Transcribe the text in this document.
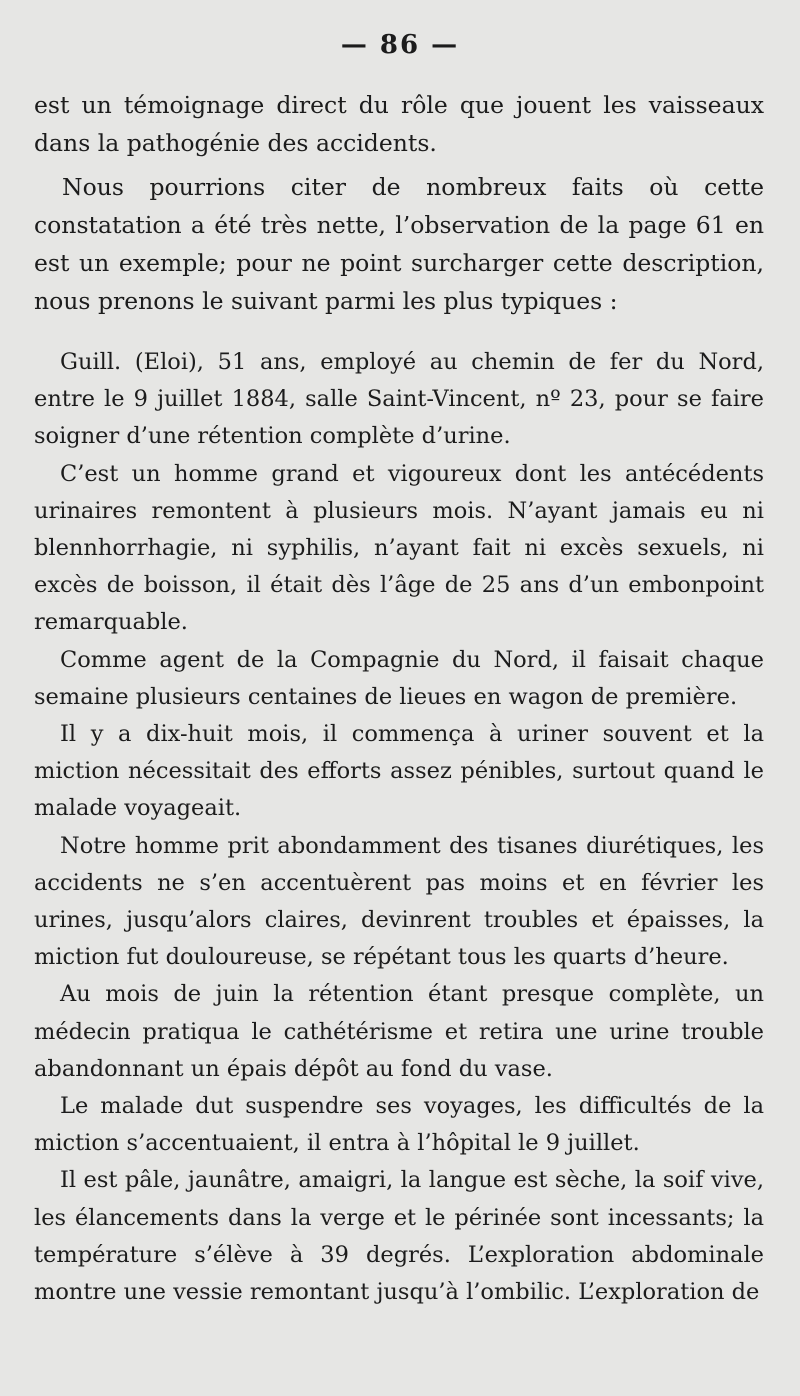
— 86 —

est un témoignage direct du rôle que jouent les vaisseaux dans la pathogénie des accidents.

Nous pourrions citer de nombreux faits où cette constatation a été très nette, l’observation de la page 61 en est un exemple; pour ne point surcharger cette description, nous prenons le suivant parmi les plus typiques :

Guill. (Eloi), 51 ans, employé au chemin de fer du Nord, entre le 9 juillet 1884, salle Saint-Vincent, nº 23, pour se faire soigner d’une rétention complète d’urine.

C’est un homme grand et vigoureux dont les antécédents urinaires remontent à plusieurs mois. N’ayant jamais eu ni blennhorrhagie, ni syphilis, n’ayant fait ni excès sexuels, ni excès de boisson, il était dès l’âge de 25 ans d’un embonpoint remarquable.

Comme agent de la Compagnie du Nord, il faisait chaque semaine plusieurs centaines de lieues en wagon de première.

Il y a dix-huit mois, il commença à uriner souvent et la miction nécessitait des efforts assez pénibles, surtout quand le malade voyageait.

Notre homme prit abondamment des tisanes diurétiques, les accidents ne s’en accentuèrent pas moins et en février les urines, jusqu’alors claires, devinrent troubles et épaisses, la miction fut douloureuse, se répétant tous les quarts d’heure.

Au mois de juin la rétention étant presque complète, un médecin pratiqua le cathétérisme et retira une urine trouble abandonnant un épais dépôt au fond du vase.

Le malade dut suspendre ses voyages, les difficultés de la miction s’accentuaient, il entra à l’hôpital le 9 juillet.

Il est pâle, jaunâtre, amaigri, la langue est sèche, la soif vive, les élancements dans la verge et le périnée sont incessants; la température s’élève à 39 degrés. L’exploration abdominale montre une vessie remontant jusqu’à l’ombilic. L’exploration de
